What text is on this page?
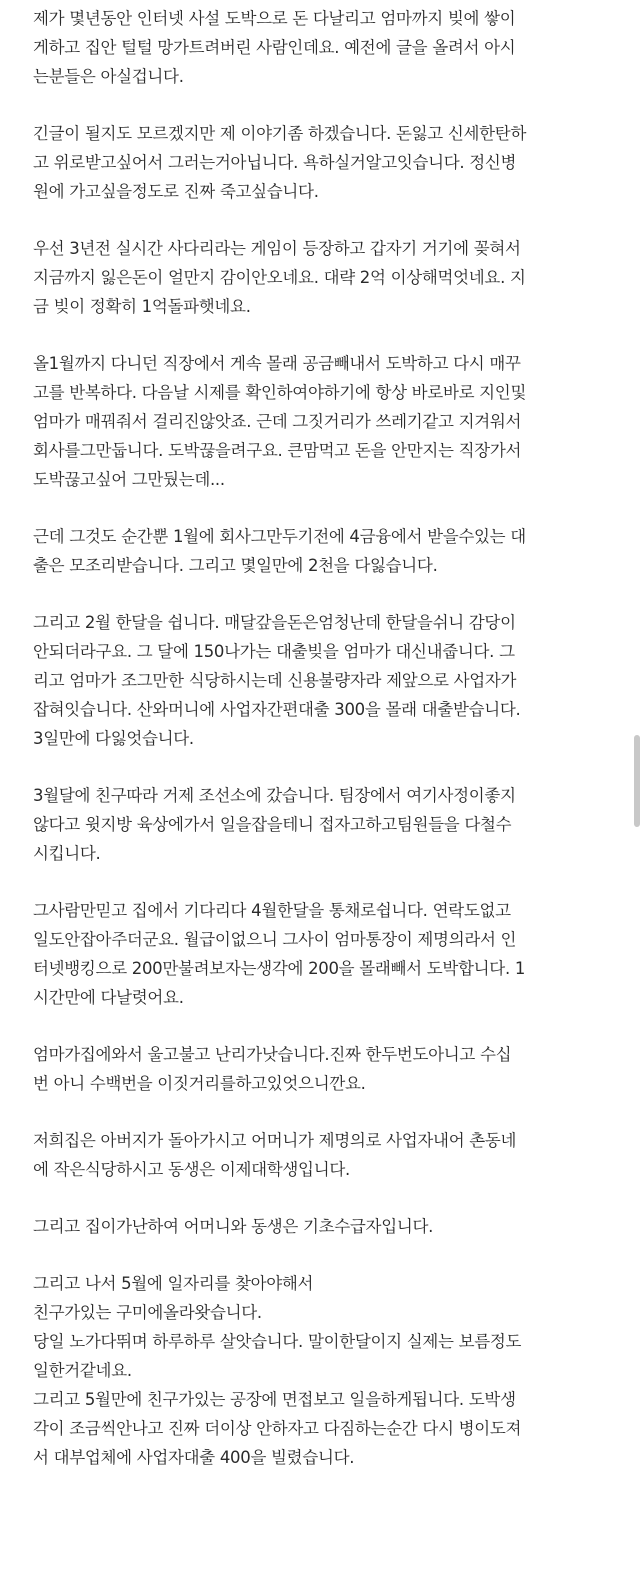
제가 몇년동안 인터넷 사설 도박으로 돈 다날리고 엄마까지 빚에 쌓이
게하고 집안 털털 망가트려버린 사람인데요. 예전에 글을 올려서 아시
는분들은 아실겁니다.

긴글이 될지도 모르겠지만 제 이야기좀 하겠습니다. 돈잃고 신세한탄하
고 위로받고싶어서 그러는거아닙니다. 욕하실거알고잇습니다. 정신병
원에 가고싶을정도로 진짜 죽고싶습니다.

우선 3년전 실시간 사다리라는 게임이 등장하고 갑자기 거기에 꽂혀서
지금까지 잃은돈이 얼만지 감이안오네요. 대략 2억 이상해먹엇네요. 지
금 빚이 정확히 1억돌파햇네요.

올1월까지 다니던 직장에서 게속 몰래 공금빼내서 도박하고 다시 매꾸
고를 반복하다. 다음날 시제를 확인하여야하기에 항상 바로바로 지인및
엄마가 매꿔줘서 걸리진않앗죠. 근데 그짓거리가 쓰레기같고 지겨워서
회사를그만둡니다. 도박끊을려구요. 큰맘먹고 돈을 안만지는 직장가서
도박끊고싶어 그만뒀는데...

근데 그것도 순간뿐 1월에 회사그만두기전에 4금융에서 받을수있는 대
출은 모조리받습니다. 그리고 몇일만에 2천을 다잃습니다.

그리고 2월 한달을 쉽니다. 매달갚을돈은엄청난데 한달을쉬니 감당이
안되더라구요. 그 달에 150나가는 대출빚을 엄마가 대신내줍니다. 그
리고 엄마가 조그만한 식당하시는데 신용불량자라 제앞으로 사업자가
잡혀잇습니다. 산와머니에 사업자간편대출 300을 몰래 대출받습니다.
3일만에 다잃엇습니다.

3월달에 친구따라 거제 조선소에 갔습니다. 팀장에서 여기사정이좋지
않다고 윗지방 육상에가서 일을잡을테니 접자고하고팀원들을 다철수
시킵니다.

그사람만믿고 집에서 기다리다 4월한달을 통채로쉽니다. 연락도없고
일도안잡아주더군요. 월급이없으니 그사이 엄마통장이 제명의라서 인
터넷뱅킹으로 200만불려보자는생각에 200을 몰래빼서 도박합니다. 1
시간만에 다날렷어요.

엄마가집에와서 울고불고 난리가낫습니다.진짜 한두번도아니고 수십
번 아니 수백번을 이짓거리를하고있엇으니깐요.

저희집은 아버지가 돌아가시고 어머니가 제명의로 사업자내어 촌동네
에 작은식당하시고 동생은 이제대학생입니다.

그리고 집이가난하여 어머니와 동생은 기초수급자입니다.

그리고 나서 5월에 일자리를 찾아야해서
친구가있는 구미에올라왓습니다.
당일 노가다뛰며 하루하루 살앗습니다. 말이한달이지 실제는 보름정도
일한거같네요.
그리고 5월만에 친구가있는 공장에 면접보고 일을하게됩니다. 도박생
각이 조금씩안나고 진짜 더이상 안하자고 다짐하는순간 다시 병이도져
서 대부업체에 사업자대출 400을 빌렸습니다.
